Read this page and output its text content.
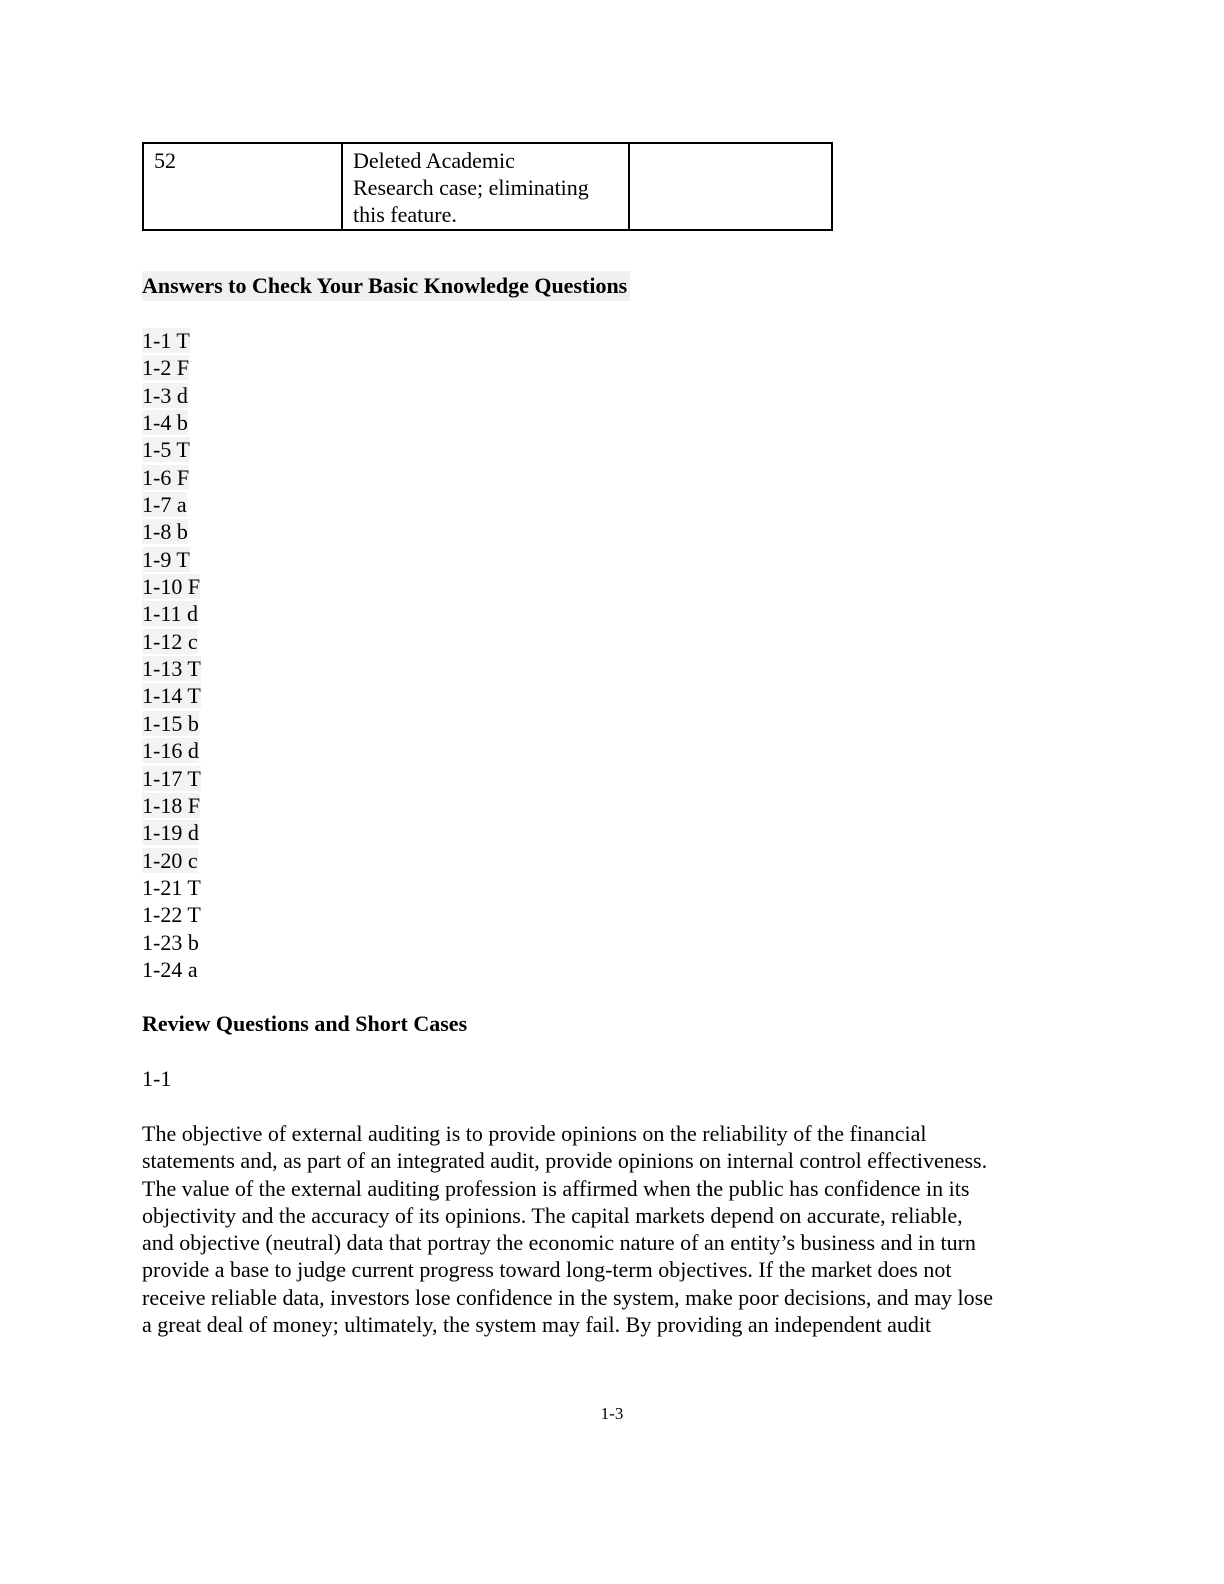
52	Deleted Academic
Research case; eliminating
this feature.

Answers to Check Your Basic Knowledge Questions
1-1 T
1-2 F
1-3 d
1-4 b
1-5 T
1-6 F
1-7 a
1-8 b
1-9 T
1-10 F
1-11 d
1-12 c
1-13 T
1-14 T
1-15 b
1-16 d
1-17 T
1-18 F
1-19 d
1-20 c
1-21 T
1-22 T
1-23 b
1-24 a
Review Questions and Short Cases
1-1
The objective of external auditing is to provide opinions on the reliability of the financial
statements and, as part of an integrated audit, provide opinions on internal control effectiveness.
The value of the external auditing profession is affirmed when the public has confidence in its
objectivity and the accuracy of its opinions. The capital markets depend on accurate, reliable,
and objective (neutral) data that portray the economic nature of an entity’s business and in turn
provide a base to judge current progress toward long-term objectives. If the market does not
receive reliable data, investors lose confidence in the system, make poor decisions, and may lose
a great deal of money; ultimately, the system may fail. By providing an independent audit
1-3
